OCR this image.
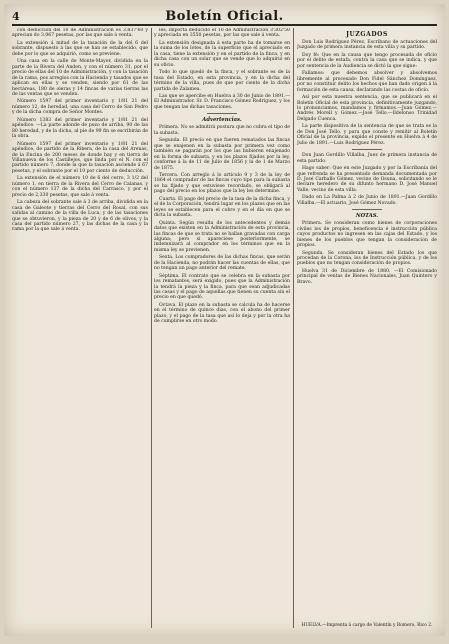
4	Boletín Oficial.

con deducción del 10 de Administración es 3.837'60 y aprecian do 3.067 pesetas, por las que sale á venta.

La extensión á mitad de la tasación de la del 6 del sobrante, dispuesto á las que se han se establecido, que debe por lo que se adquirió, como se previene.

Una casa en la calle de Monte-Mayor, dividida en la parte de la Rivera del Anden, y con el número 31, por el precio de ellas del 10 de Administración, y con la tasación de la rama, pos arreglos con la Hacienda y tasados que se aplican en ellas y se venden, siendo por 61 de las hectáreas, 180 de oleras y 14 fincas de varias tierras las de las ventas que se venden.

Número 1597 del primer inventario y 1/81 21 del número 12, de heredad, una casa del Cerro de San Pedro y de la dicha compra de Señor Montes.

Número 1383 del primer inventario y 1/81 21 del apéndice. —La parte adonde de pozo de arriba, 90 de las 80 heredad, y de la dicha, al pie de 99 fin se escribirán de la obra.

Número 1597 del primer inventario y 1/81 21 del apéndice, de partido de la Ribera, de la casa del Arenas, de la Encina de 200 meses de donde hay y en tierra de Villanueva de los Castillejos, que linda por el N. con el partido número 7, donde la que la tasación asciende á 67 pesetas, y el sobrante por el 10 por ciento de deducción.

La extensión de el número 10 de 6 del cerro, 3 1/2 del número 1, en tierra de la Rivera del Cerro de Calanas, y con el número 137 de la dicha del Carrasco, y por el precio de 2,330 pesetas, que sale á venta.

La cabeza del sobrante sale á 3 de arriba, dividida en la casa de Galeote y tierras del Cerro del Rosal, con sus salidas al camino de la villa de Luca, y de las tasaciones que se obtuvieron, y la pieza de 20 y de 6 de olivos, y la casa del partido número 27, y las dichas de la casa y la rama por la que sale á venta.

les, importa deducido el 10 de Administración 3'302'50 y apreciada en 3550 pesetas, por las que sale á venta.

La extensión designada á esta parte ha de tomarse en la suma de los lotes, de la superficie que el apreciado en la casa, tiene la extensión y en el partido de la finca, y en dicha casa con un solar que se vende que lo adquirió en su oficio.

Todo lo que quedó de la finca, y el sobrante es de la tasa del Estado, en esta provincia, y en la dicha del término de la villa, pues de que por ciento de la dicha partida de Zalamea.

Las que se apercibe en Huelva á 30 de Junio de 1891.—El Administrador, Sr. D. Francisco Gómez Rodríguez, y los que tengan las dichas tasaciones.

Advertencias.

Primera. No se admitirá postura que no cubra el tipo de la subasta.

Segunda. El precio en que fueren rematados las fincas que se enajenen en la subasta por primera vez como también se pagarán por los que las hubieren enajenado en la forma de subasta, y en los plazos fijados por la ley, conforme á la de 11 de Julio de 1856 y la de 1 de Marzo de 1875.

Tercera. Con arreglo á lo artículo 9 y 3 de la ley de 1864 el comprador de las fincas cuyo tipo para la subasta se ha fijado y que estuviese recordado, se obligará al pago del precio en los plazos que la ley les determine.

Cuarta. El pago del precio de la tasa de la dicha finca, y el de la Corporación, tendrá lugar en los plazos que en las leyes se establecen para el cobro y en el día en que se dicta la subasta.

Quinta. Según resulta de los antecedentes y demás datos que existen en la Administración de esta provincia, las fincas de que se trata no se hallan gravadas con carga alguna; pero si apareciese posteriormente, se indemnizará al comprador en los términos que en la misma ley se previenen.

Sexta. Los compradores de las dichas fincas, que serán de la Hacienda, no podrán hacer las cuentas de ellas, que no tengan un pago anterior del remate.

Séptima. El contrato que se celebra en la subasta por los rematantes, será exigido, pues que la Administración la tendrá la pieza y la finca, para que sean adjudicadas las casas y el pago de aquellas que tienen su cuenta sin el precio en que quedó.

Octava. El plazo en la subasta se calcula ha de hacerse en el término de quince días, con el abono del primer plazo, y el pago de la tasa que así lo deja y por la otra ha de cumplirse en otro modo.

JUZGADOS

Don Luis Rodríguez Pérez, Escribano de actuaciones del Juzgado de primera instancia de esta villa y su partido.

Doy fé: Que en la causa que tengo procesada de oficio por el delito de estafa, contra la casa que se indica, y que por sentencia de la Audiencia se dictó la que sigue:

Fallamos: que debemos absolver y absolvemos libremente al procesado Don Fidel Sánchez Domínguez, por no constituir delito los hechos que han dado origen á la formación de esta causa, declarando las costas de oficio.

Así por esta nuestra sentencia, que se publicará en el Boletín Oficial de esta provincia, definitivamente juzgando, lo pronunciamos, mandamos y firmamos.—Juan Gómez.—Andrés Morell y Gómez.—José Tello.—Ildefonso Trinidad Delgado Cuenca.

La parte dispositiva de la sentencia de que se trata es la de Don José Tello, y para que conste y remitir al Boletín Oficial de la provincia, expido el presente en Huelva á 4 de Julio de 1891.—Luis Rodríguez Pérez.

Don Juan Gordillo Villalba, Juez de primera instancia de esta partido.

Hago saber: Que en este Juzgado y por la Escribanía del que refrenda se ha presentado demanda documentada por D. José Carballo Gómez, vecino de Osuna, solicitando se le declare heredero de su difunto hermano D. José Manuel Valle, vecino de esta villa.

Dado en La Palma á 2 de Junio de 1891.—Juan Gordillo Villalba.—El actuario, José Gómez Novado.

NOTAS.

Primera. Se consideran como bienes de corporaciones civiles los de propios, beneficencia é instrucción pública cuyos productos no ingresen en las cajas del Estado, y los bienes de los pueblos que tengan la consideración de propios.

Segunda. Se consideran bienes del Estado los que procedan de la Corona, los de Instrucción pública, y de los pueblos que no tengan consideración de propios.

Huelva 31 de Diciembre de 1880. —El Comisionado principal de ventas de Bienes Nacionales, Juan Quintero y Bravo.

HUELVA.—Imprenta á cargo de Valentín y Romero, Rico 2.
